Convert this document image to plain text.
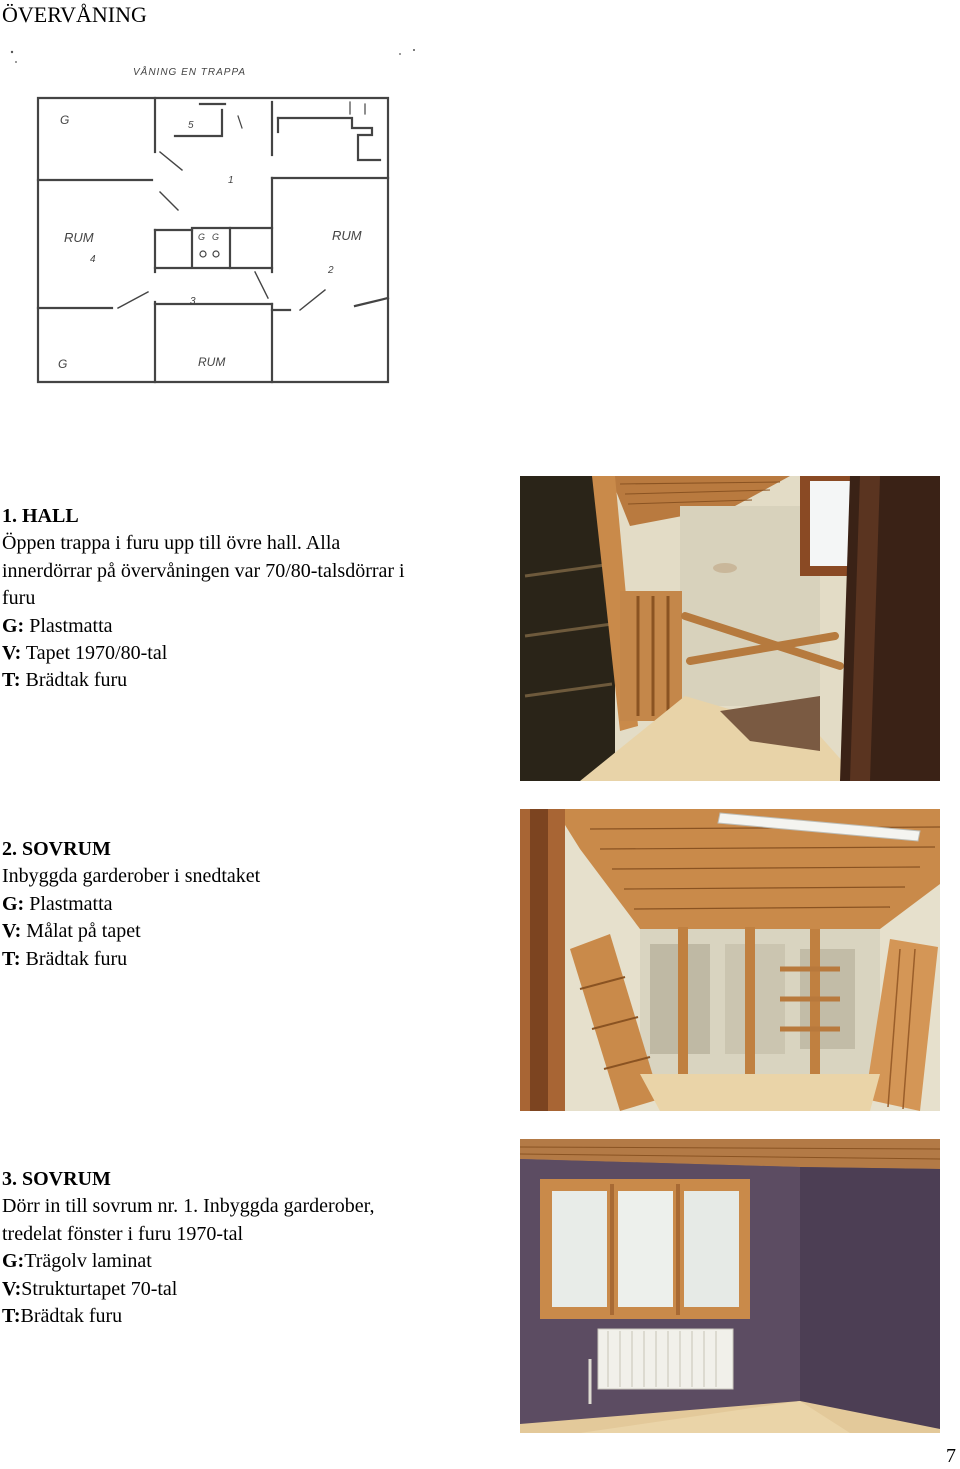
ÖVERVÅNING
VÅNING EN TRAPPA
G	5
1
RUM
4
RUM
2
3
G	RUM
G G

1. HALL

Öppen trappa i furu upp till övre hall. Alla

innerdörrar på övervåningen var 70/80-talsdörrar i

furu

G: Plastmatta

V: Tapet 1970/80-tal

T: Brädtak furu

2. SOVRUM

Inbyggda garderober i snedtaket

G: Plastmatta

V: Målat på tapet

T: Brädtak furu

3. SOVRUM

Dörr in till sovrum nr. 1. Inbyggda garderober,

tredelat fönster i furu 1970-tal

G:Trägolv laminat

V:Strukturtapet 70-tal

T:Brädtak furu

7
